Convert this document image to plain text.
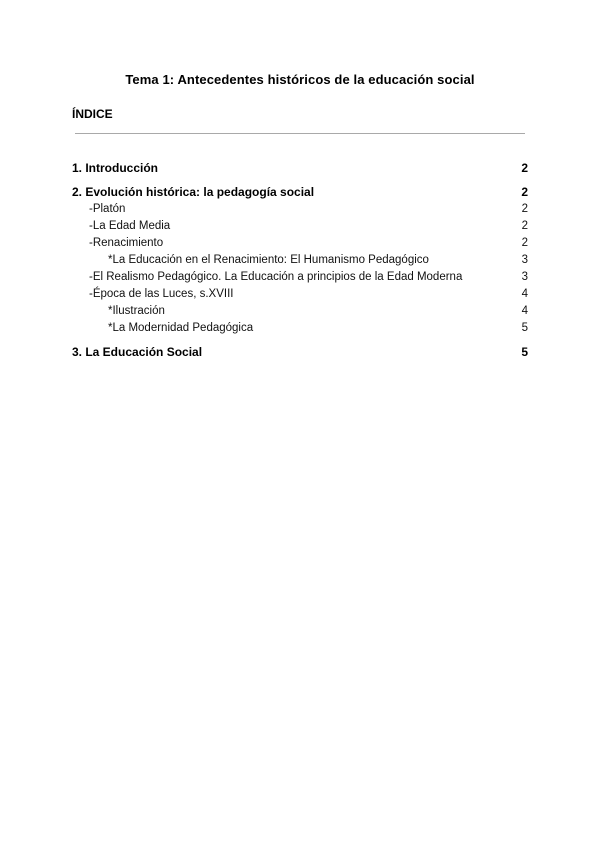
Tema 1: Antecedentes históricos de la educación social
ÍNDICE
1. Introducción	2
2. Evolución histórica: la pedagogía social	2
-Platón	2
-La Edad Media	2
-Renacimiento	2
*La Educación en el Renacimiento: El Humanismo Pedagógico	3
-El Realismo Pedagógico. La Educación a principios de la Edad Moderna	3
-Época de las Luces, s.XVIII	4
*Ilustración	4
*La Modernidad Pedagógica	5
3. La Educación Social	5
